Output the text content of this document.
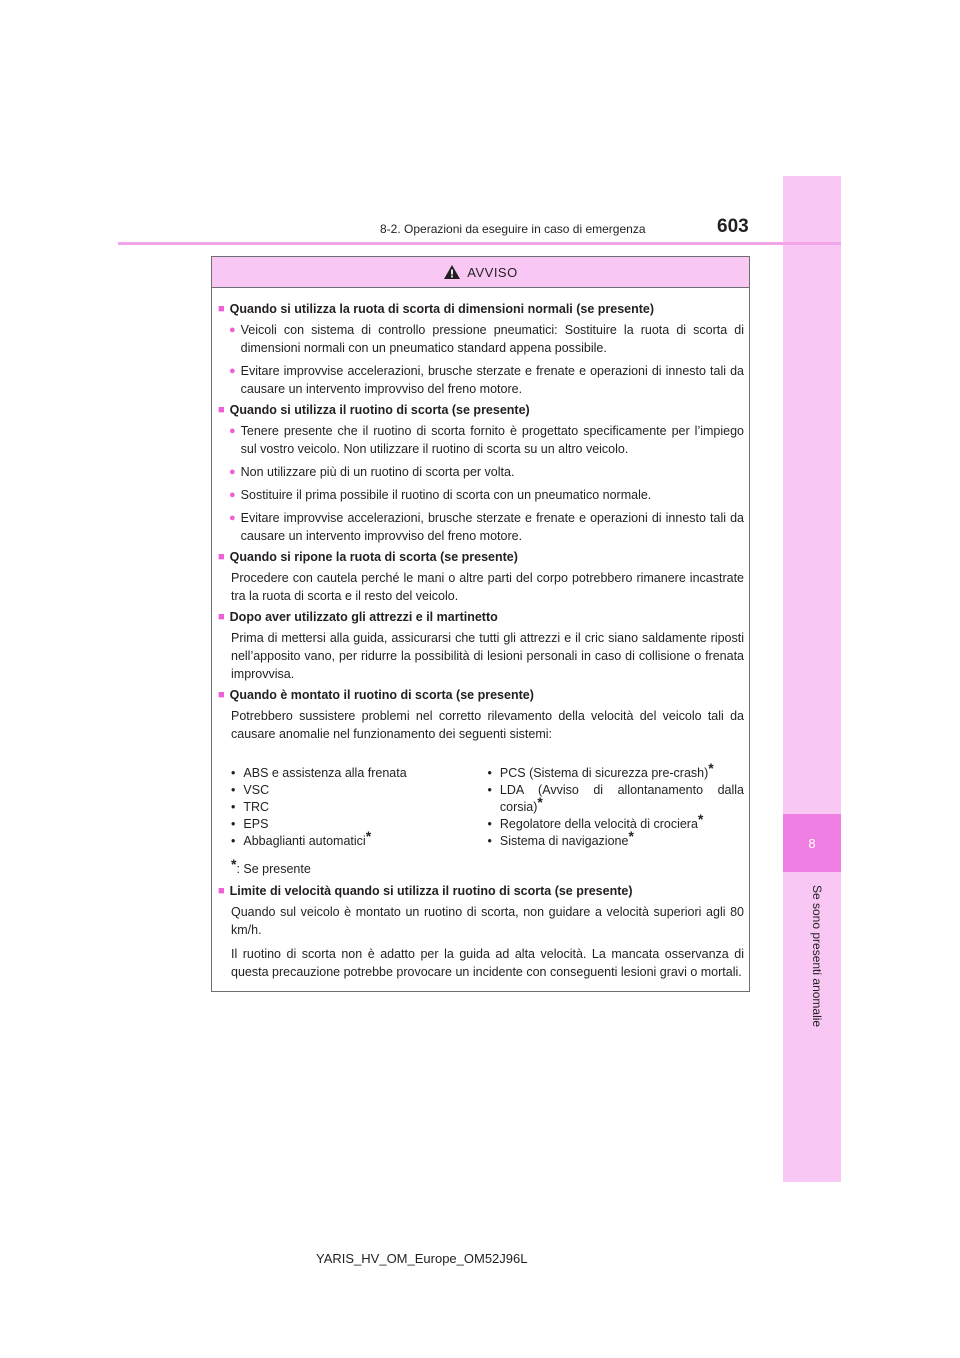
8
Se sono presenti anomalie
8-2. Operazioni da eseguire in caso di emergenza	603
AVVISO
■ Quando si utilizza la ruota di scorta di dimensioni normali (se presente)
● Veicoli con sistema di controllo pressione pneumatici: Sostituire la ruota di scorta di dimensioni normali con un pneumatico standard appena possibile.
● Evitare improvvise accelerazioni, brusche sterzate e frenate e operazioni di innesto tali da causare un intervento improvviso del freno motore.
■ Quando si utilizza il ruotino di scorta (se presente)
● Tenere presente che il ruotino di scorta fornito è progettato specificamente per l’impiego sul vostro veicolo. Non utilizzare il ruotino di scorta su un altro veicolo.
● Non utilizzare più di un ruotino di scorta per volta.
● Sostituire il prima possibile il ruotino di scorta con un pneumatico normale.
● Evitare improvvise accelerazioni, brusche sterzate e frenate e operazioni di innesto tali da causare un intervento improvviso del freno motore.
■ Quando si ripone la ruota di scorta (se presente)
Procedere con cautela perché le mani o altre parti del corpo potrebbero rimanere incastrate tra la ruota di scorta e il resto del veicolo.
■ Dopo aver utilizzato gli attrezzi e il martinetto
Prima di mettersi alla guida, assicurarsi che tutti gli attrezzi e il cric siano saldamente riposti nell’apposito vano, per ridurre la possibilità di lesioni personali in caso di collisione o frenata improvvisa.
■ Quando è montato il ruotino di scorta (se presente)
Potrebbero sussistere problemi nel corretto rilevamento della velocità del veicolo tali da causare anomalie nel funzionamento dei seguenti sistemi:
• ABS e assistenza alla frenata
• VSC
• TRC
• EPS
• Abbaglianti automatici*
• PCS (Sistema di sicurezza pre-crash)*
• LDA (Avviso di allontanamento dalla corsia)*
• Regolatore della velocità di crociera*
• Sistema di navigazione*
*: Se presente
■ Limite di velocità quando si utilizza il ruotino di scorta (se presente)
Quando sul veicolo è montato un ruotino di scorta, non guidare a velocità superiori agli 80 km/h.
Il ruotino di scorta non è adatto per la guida ad alta velocità. La mancata osservanza di questa precauzione potrebbe provocare un incidente con conseguenti lesioni gravi o mortali.
YARIS_HV_OM_Europe_OM52J96L
